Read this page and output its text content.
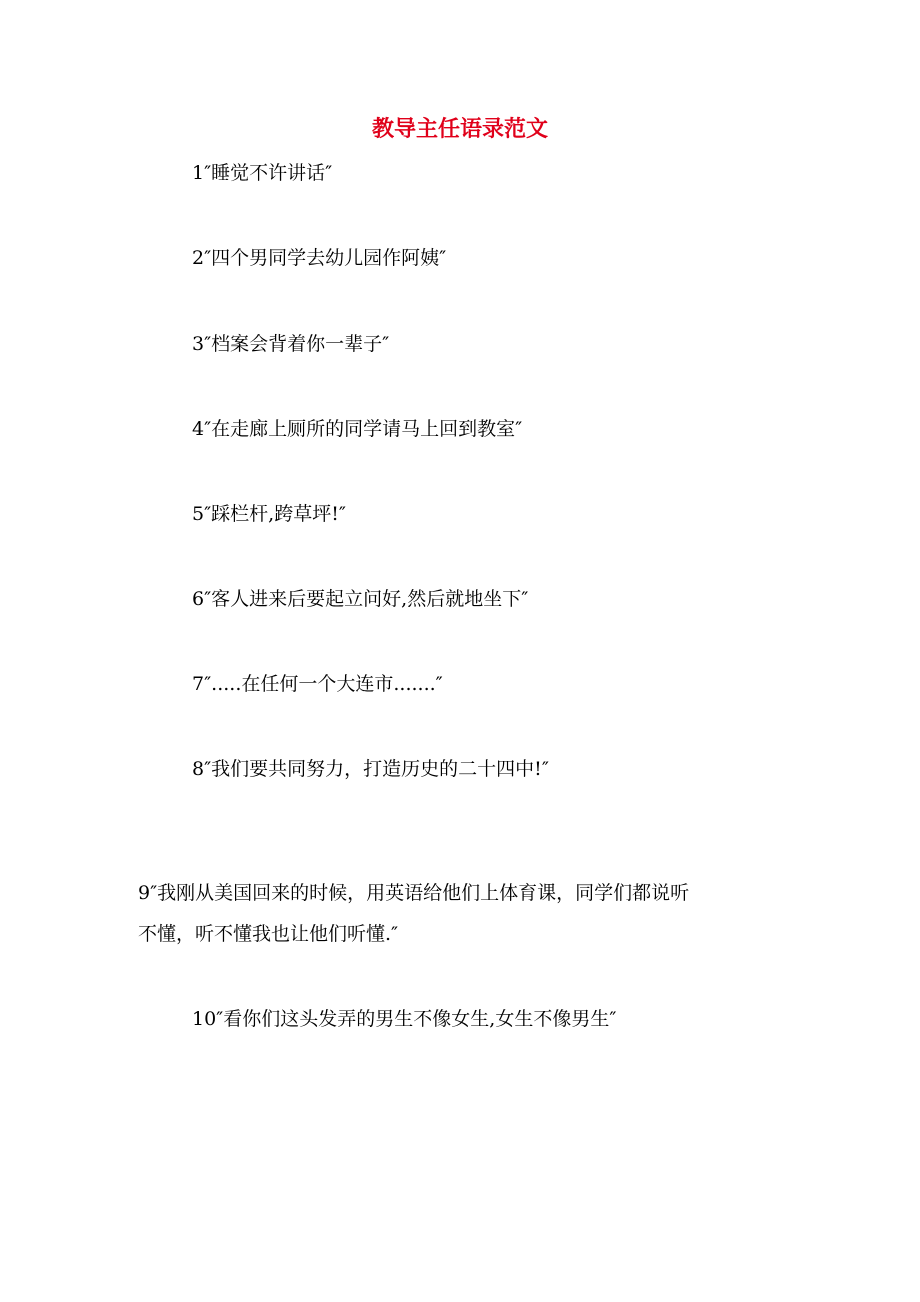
教导主任语录范文
1″睡觉不许讲话″
2″四个男同学去幼儿园作阿姨″
3″档案会背着你一辈子″
4″在走廊上厕所的同学请马上回到教室″
5″踩栏杆,跨草坪!″
6″客人进来后要起立问好,然后就地坐下″
7″.....在任何一个大连市.......″
8″我们要共同努力，打造历史的二十四中!″
9″我刚从美国回来的时候，用英语给他们上体育课，同学们都说听
不懂，听不懂我也让他们听懂.″
10″看你们这头发弄的男生不像女生,女生不像男生″
